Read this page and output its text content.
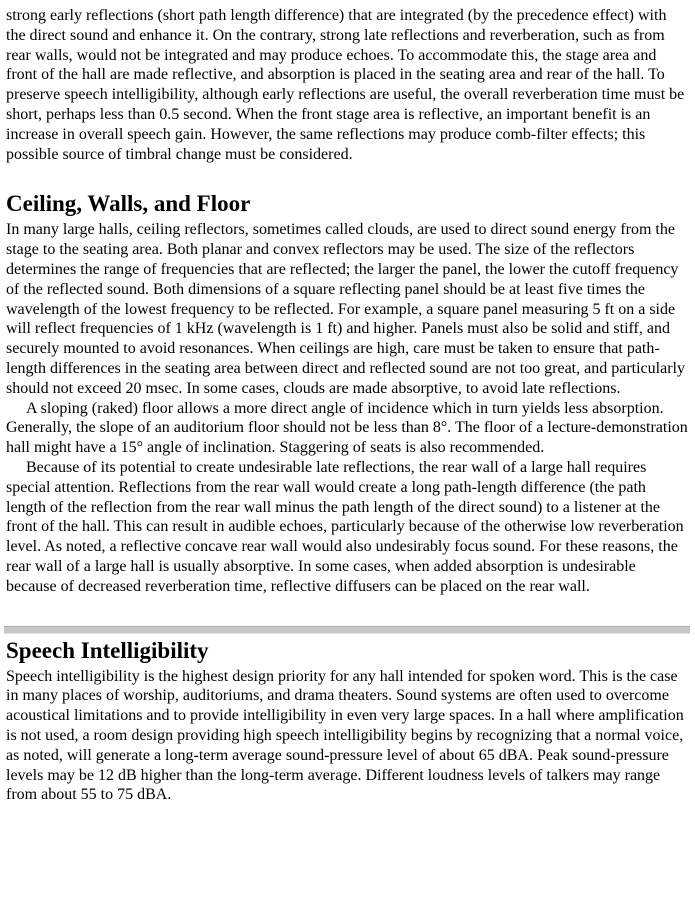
strong early reflections (short path length difference) that are integrated (by the precedence effect) with the direct sound and enhance it. On the contrary, strong late reflections and reverberation, such as from rear walls, would not be integrated and may produce echoes. To accommodate this, the stage area and front of the hall are made reflective, and absorption is placed in the seating area and rear of the hall. To preserve speech intelligibility, although early reflections are useful, the overall reverberation time must be short, perhaps less than 0.5 second. When the front stage area is reflective, an important benefit is an increase in overall speech gain. However, the same reflections may produce comb-filter effects; this possible source of timbral change must be considered.

Ceiling, Walls, and Floor

In many large halls, ceiling reflectors, sometimes called clouds, are used to direct sound energy from the stage to the seating area. Both planar and convex reflectors may be used. The size of the reflectors determines the range of frequencies that are reflected; the larger the panel, the lower the cutoff frequency of the reflected sound. Both dimensions of a square reflecting panel should be at least five times the wavelength of the lowest frequency to be reflected. For example, a square panel measuring 5 ft on a side will reflect frequencies of 1 kHz (wavelength is 1 ft) and higher. Panels must also be solid and stiff, and securely mounted to avoid resonances. When ceilings are high, care must be taken to ensure that path-length differences in the seating area between direct and reflected sound are not too great, and particularly should not exceed 20 msec. In some cases, clouds are made absorptive, to avoid late reflections.

A sloping (raked) floor allows a more direct angle of incidence which in turn yields less absorption. Generally, the slope of an auditorium floor should not be less than 8°. The floor of a lecture-demonstration hall might have a 15° angle of inclination. Staggering of seats is also recommended.

Because of its potential to create undesirable late reflections, the rear wall of a large hall requires special attention. Reflections from the rear wall would create a long path-length difference (the path length of the reflection from the rear wall minus the path length of the direct sound) to a listener at the front of the hall. This can result in audible echoes, particularly because of the otherwise low reverberation level. As noted, a reflective concave rear wall would also undesirably focus sound. For these reasons, the rear wall of a large hall is usually absorptive. In some cases, when added absorption is undesirable because of decreased reverberation time, reflective diffusers can be placed on the rear wall.

Speech Intelligibility

Speech intelligibility is the highest design priority for any hall intended for spoken word. This is the case in many places of worship, auditoriums, and drama theaters. Sound systems are often used to overcome acoustical limitations and to provide intelligibility in even very large spaces. In a hall where amplification is not used, a room design providing high speech intelligibility begins by recognizing that a normal voice, as noted, will generate a long-term average sound-pressure level of about 65 dBA. Peak sound-pressure levels may be 12 dB higher than the long-term average. Different loudness levels of talkers may range from about 55 to 75 dBA.
